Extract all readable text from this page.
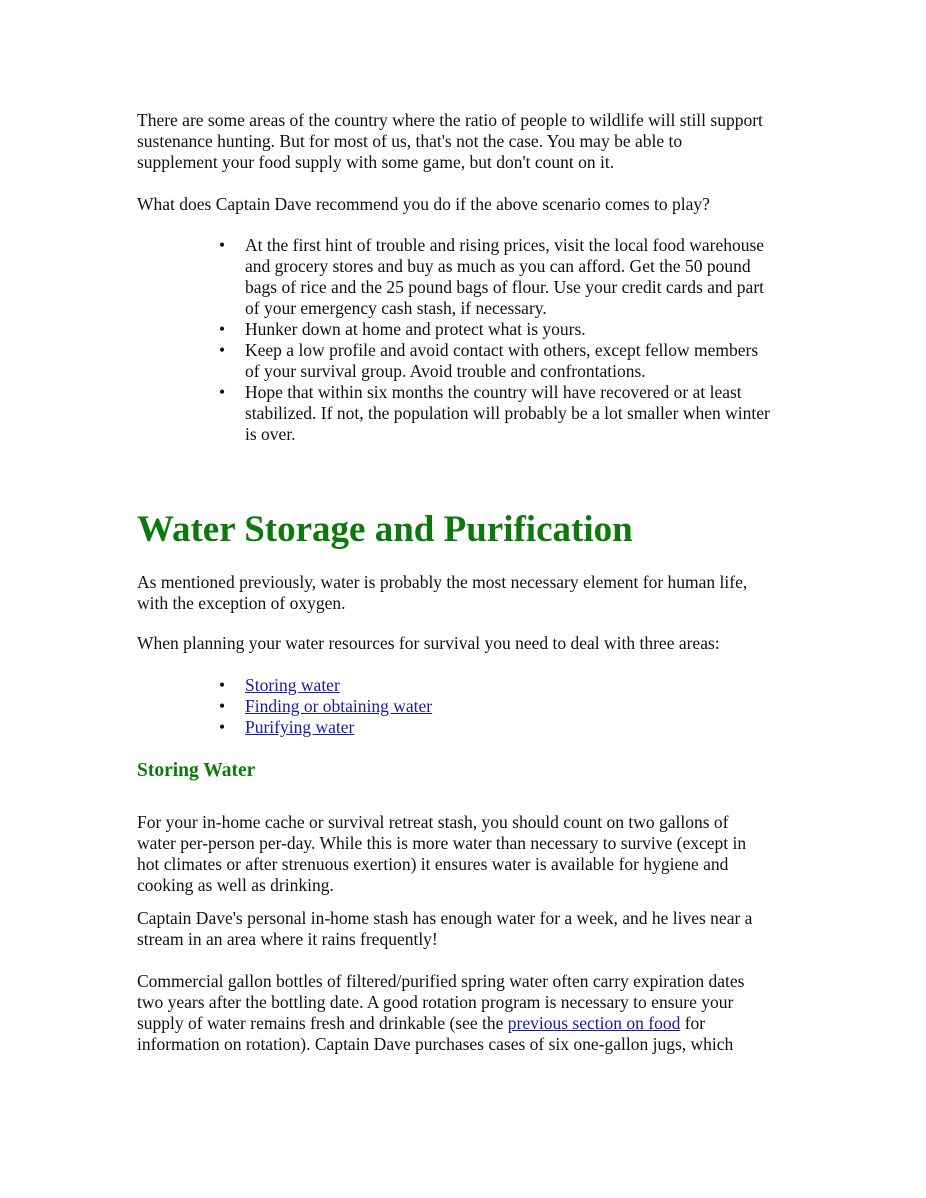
There are some areas of the country where the ratio of people to wildlife will still support
sustenance hunting. But for most of us, that's not the case. You may be able to
supplement your food supply with some game, but don't count on it.
What does Captain Dave recommend you do if the above scenario comes to play?
• At the first hint of trouble and rising prices, visit the local food warehouse
and grocery stores and buy as much as you can afford. Get the 50 pound
bags of rice and the 25 pound bags of flour. Use your credit cards and part
of your emergency cash stash, if necessary.
• Hunker down at home and protect what is yours.
• Keep a low profile and avoid contact with others, except fellow members
of your survival group. Avoid trouble and confrontations.
• Hope that within six months the country will have recovered or at least
stabilized. If not, the population will probably be a lot smaller when winter
is over.
Water Storage and Purification
As mentioned previously, water is probably the most necessary element for human life,
with the exception of oxygen.
When planning your water resources for survival you need to deal with three areas:
• Storing water
• Finding or obtaining water
• Purifying water
Storing Water
For your in-home cache or survival retreat stash, you should count on two gallons of
water per-person per-day. While this is more water than necessary to survive (except in
hot climates or after strenuous exertion) it ensures water is available for hygiene and
cooking as well as drinking.
Captain Dave's personal in-home stash has enough water for a week, and he lives near a
stream in an area where it rains frequently!
Commercial gallon bottles of filtered/purified spring water often carry expiration dates
two years after the bottling date. A good rotation program is necessary to ensure your
supply of water remains fresh and drinkable (see the previous section on food for
information on rotation). Captain Dave purchases cases of six one-gallon jugs, which
